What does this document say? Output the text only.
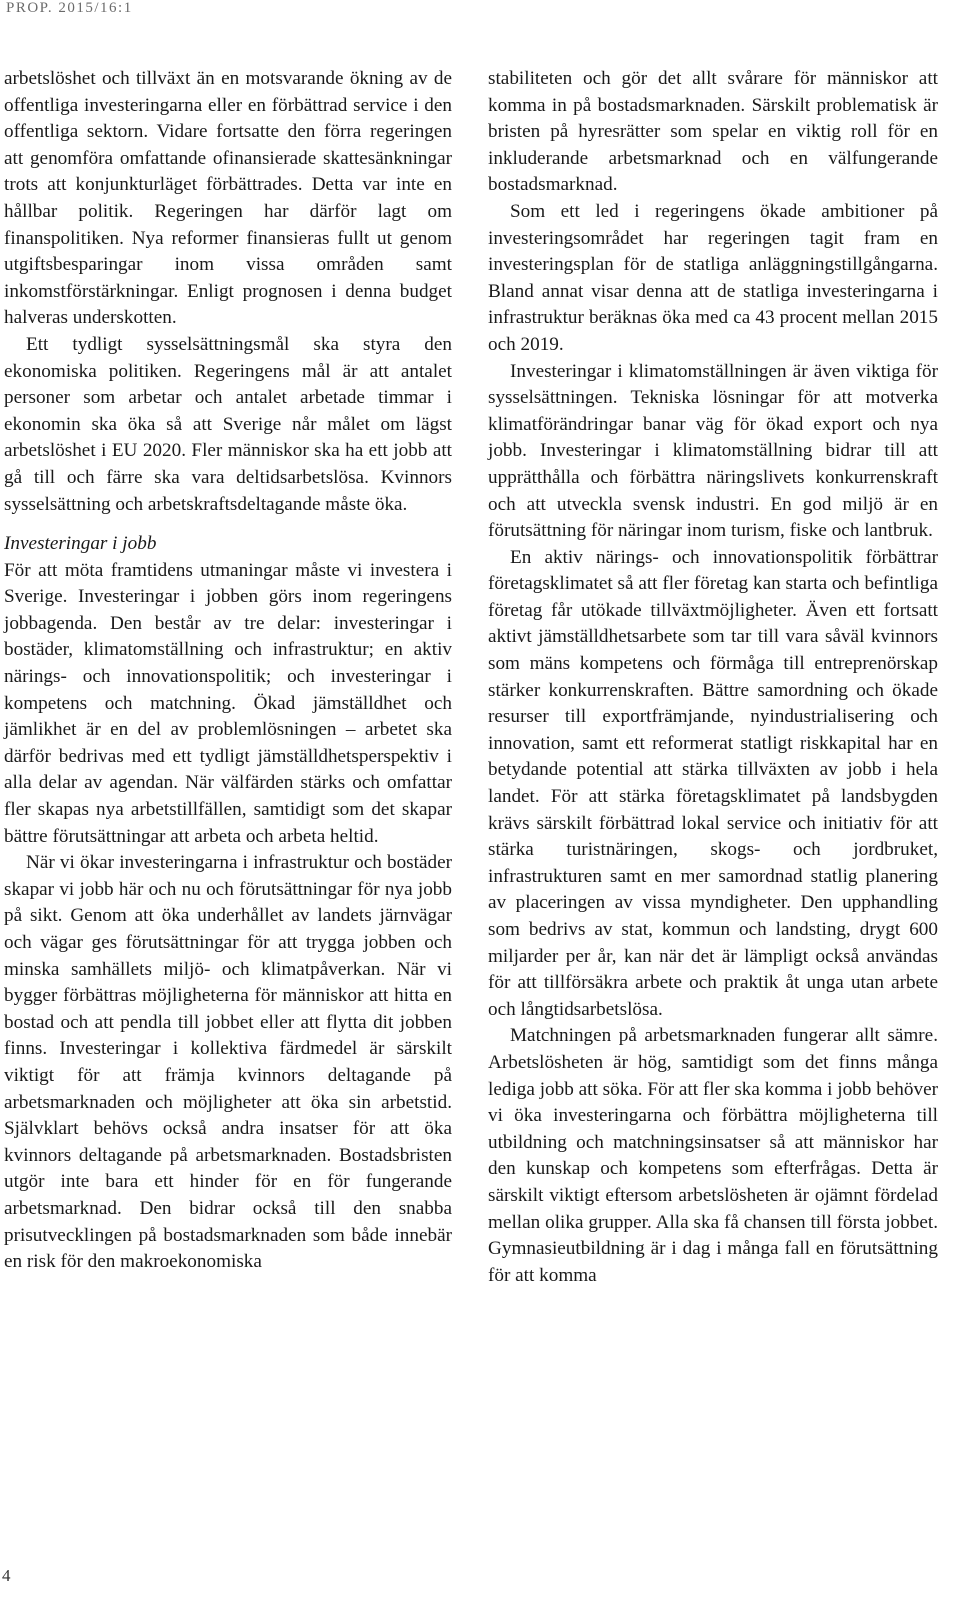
PROP. 2015/16:1

arbetslöshet och tillväxt än en motsvarande ökning av de offentliga investeringarna eller en förbättrad service i den offentliga sektorn. Vidare fortsatte den förra regeringen att genomföra omfattande ofinansierade skattesänkningar trots att konjunkturläget förbättrades. Detta var inte en hållbar politik. Regeringen har därför lagt om finanspolitiken. Nya reformer finansieras fullt ut genom utgiftsbesparingar inom vissa områden samt inkomstförstärkningar. Enligt prognosen i denna budget halveras underskotten.

Ett tydligt sysselsättningsmål ska styra den ekonomiska politiken. Regeringens mål är att antalet personer som arbetar och antalet arbetade timmar i ekonomin ska öka så att Sverige når målet om lägst arbetslöshet i EU 2020. Fler människor ska ha ett jobb att gå till och färre ska vara deltidsarbetslösa. Kvinnors sysselsättning och arbetskraftsdeltagande måste öka.

Investeringar i jobb

För att möta framtidens utmaningar måste vi investera i Sverige. Investeringar i jobben görs inom regeringens jobbagenda. Den består av tre delar: investeringar i bostäder, klimatomställning och infrastruktur; en aktiv närings- och innovationspolitik; och investeringar i kompetens och matchning. Ökad jämställdhet och jämlikhet är en del av problemlösningen – arbetet ska därför bedrivas med ett tydligt jämställdhetsperspektiv i alla delar av agendan. När välfärden stärks och omfattar fler skapas nya arbetstillfällen, samtidigt som det skapar bättre förutsättningar att arbeta och arbeta heltid.

När vi ökar investeringarna i infrastruktur och bostäder skapar vi jobb här och nu och förutsättningar för nya jobb på sikt. Genom att öka underhållet av landets järnvägar och vägar ges förutsättningar för att trygga jobben och minska samhällets miljö- och klimatpåverkan. När vi bygger förbättras möjligheterna för människor att hitta en bostad och att pendla till jobbet eller att flytta dit jobben finns. Investeringar i kollektiva färdmedel är särskilt viktigt för att främja kvinnors deltagande på arbetsmarknaden och möjligheter att öka sin arbetstid. Självklart behövs också andra insatser för att öka kvinnors deltagande på arbetsmarknaden. Bostadsbristen utgör inte bara ett hinder för en för fungerande arbetsmarknad. Den bidrar också till den snabba prisutvecklingen på bostadsmarknaden som både innebär en risk för den makroekonomiska

stabiliteten och gör det allt svårare för människor att komma in på bostadsmarknaden. Särskilt problematisk är bristen på hyresrätter som spelar en viktig roll för en inkluderande arbetsmarknad och en välfungerande bostadsmarknad.

Som ett led i regeringens ökade ambitioner på investeringsområdet har regeringen tagit fram en investeringsplan för de statliga anläggningstillgångarna. Bland annat visar denna att de statliga investeringarna i infrastruktur beräknas öka med ca 43 procent mellan 2015 och 2019.

Investeringar i klimatomställningen är även viktiga för sysselsättningen. Tekniska lösningar för att motverka klimatförändringar banar väg för ökad export och nya jobb. Investeringar i klimatomställning bidrar till att upprätthålla och förbättra näringslivets konkurrenskraft och att utveckla svensk industri. En god miljö är en förutsättning för näringar inom turism, fiske och lantbruk.

En aktiv närings- och innovationspolitik förbättrar företagsklimatet så att fler företag kan starta och befintliga företag får utökade tillväxtmöjligheter. Även ett fortsatt aktivt jämställdhetsarbete som tar till vara såväl kvinnors som mäns kompetens och förmåga till entreprenörskap stärker konkurrenskraften. Bättre samordning och ökade resurser till exportfrämjande, nyindustrialisering och innovation, samt ett reformerat statligt riskkapital har en betydande potential att stärka tillväxten av jobb i hela landet. För att stärka företagsklimatet på landsbygden krävs särskilt förbättrad lokal service och initiativ för att stärka turistnäringen, skogs- och jordbruket, infrastrukturen samt en mer samordnad statlig planering av placeringen av vissa myndigheter. Den upphandling som bedrivs av stat, kommun och landsting, drygt 600 miljarder per år, kan när det är lämpligt också användas för att tillförsäkra arbete och praktik åt unga utan arbete och långtidsarbetslösa.

Matchningen på arbetsmarknaden fungerar allt sämre. Arbetslösheten är hög, samtidigt som det finns många lediga jobb att söka. För att fler ska komma i jobb behöver vi öka investeringarna och förbättra möjligheterna till utbildning och matchningsinsatser så att människor har den kunskap och kompetens som efterfrågas. Detta är särskilt viktigt eftersom arbetslösheten är ojämnt fördelad mellan olika grupper. Alla ska få chansen till första jobbet. Gymnasieutbildning är i dag i många fall en förutsättning för att komma

4
